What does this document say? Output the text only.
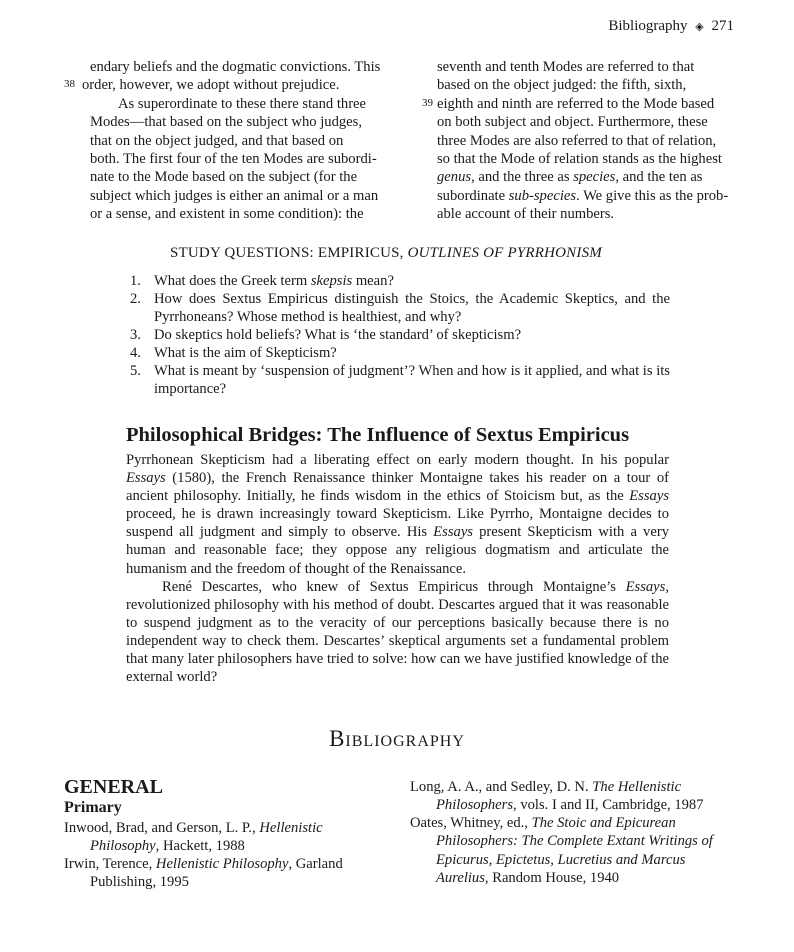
Bibliography ◈ 271
38
39
endary beliefs and the dogmatic convictions. This
order, however, we adopt without prejudice.
As superordinate to these there stand three
Modes—that based on the subject who judges,
that on the object judged, and that based on
both. The first four of the ten Modes are subordi-
nate to the Mode based on the subject (for the
subject which judges is either an animal or a man
or a sense, and existent in some condition): the
seventh and tenth Modes are referred to that
based on the object judged: the fifth, sixth,
eighth and ninth are referred to the Mode based
on both subject and object. Furthermore, these
three Modes are also referred to that of relation,
so that the Mode of relation stands as the highest
genus, and the three as species, and the ten as
subordinate sub-species. We give this as the prob-
able account of their numbers.
STUDY QUESTIONS: EMPIRICUS, OUTLINES OF PYRRHONISM
1. What does the Greek term skepsis mean?
2. How does Sextus Empiricus distinguish the Stoics, the Academic Skeptics, and the Pyrrhoneans? Whose method is healthiest, and why?
3. Do skeptics hold beliefs? What is ‘the standard’ of skepticism?
4. What is the aim of Skepticism?
5. What is meant by ‘suspension of judgment’? When and how is it applied, and what is its importance?
Philosophical Bridges: The Influence of Sextus Empiricus

Pyrrhonean Skepticism had a liberating effect on early modern thought. In his popular Essays (1580), the French Renaissance thinker Montaigne takes his reader on a tour of ancient philosophy. Initially, he finds wisdom in the ethics of Stoicism but, as the Essays proceed, he is drawn increasingly toward Skepticism. Like Pyrrho, Montaigne decides to suspend all judgment and simply to observe. His Essays present Skepticism with a very human and reasonable face; they oppose any religious dogmatism and articulate the humanism and the freedom of thought of the Renaissance.

René Descartes, who knew of Sextus Empiricus through Montaigne’s Essays, revolutionized philosophy with his method of doubt. Descartes argued that it was reasonable to suspend judgment as to the veracity of our perceptions basically because there is no independent way to check them. Descartes’ skeptical arguments set a fundamental problem that many later philosophers have tried to solve: how can we have justified knowledge of the external world?

Bibliography
GENERAL
Primary
Inwood, Brad, and Gerson, L. P., Hellenistic
Philosophy, Hackett, 1988
Irwin, Terence, Hellenistic Philosophy, Garland
Publishing, 1995
Long, A. A., and Sedley, D. N. The Hellenistic
Philosophers, vols. I and II, Cambridge, 1987
Oates, Whitney, ed., The Stoic and Epicurean
Philosophers: The Complete Extant Writings of
Epicurus, Epictetus, Lucretius and Marcus
Aurelius, Random House, 1940
